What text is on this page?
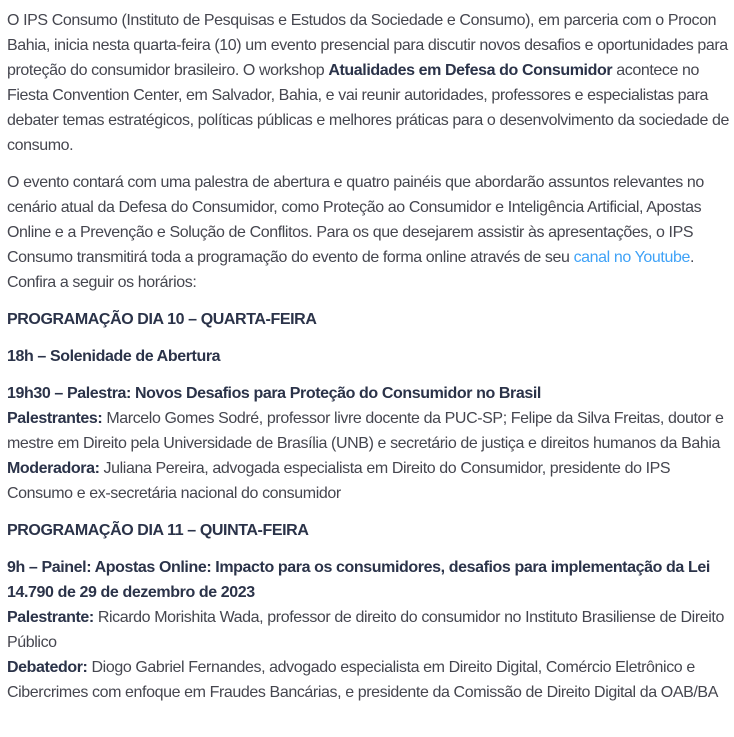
O IPS Consumo (Instituto de Pesquisas e Estudos da Sociedade e Consumo), em parceria com o Procon Bahia, inicia nesta quarta-feira (10) um evento presencial para discutir novos desafios e oportunidades para proteção do consumidor brasileiro. O workshop Atualidades em Defesa do Consumidor acontece no Fiesta Convention Center, em Salvador, Bahia, e vai reunir autoridades, professores e especialistas para debater temas estratégicos, políticas públicas e melhores práticas para o desenvolvimento da sociedade de consumo.

O evento contará com uma palestra de abertura e quatro painéis que abordarão assuntos relevantes no cenário atual da Defesa do Consumidor, como Proteção ao Consumidor e Inteligência Artificial, Apostas Online e a Prevenção e Solução de Conflitos. Para os que desejarem assistir às apresentações, o IPS Consumo transmitirá toda a programação do evento de forma online através de seu canal no Youtube. Confira a seguir os horários:

PROGRAMAÇÃO DIA 10 – QUARTA-FEIRA

18h – Solenidade de Abertura

19h30 – Palestra: Novos Desafios para Proteção do Consumidor no Brasil
Palestrantes: Marcelo Gomes Sodré, professor livre docente da PUC-SP; Felipe da Silva Freitas, doutor e mestre em Direito pela Universidade de Brasília (UNB) e secretário de justiça e direitos humanos da Bahia
Moderadora: Juliana Pereira, advogada especialista em Direito do Consumidor, presidente do IPS Consumo e ex-secretária nacional do consumidor

PROGRAMAÇÃO DIA 11 – QUINTA-FEIRA

9h – Painel: Apostas Online: Impacto para os consumidores, desafios para implementação da Lei 14.790 de 29 de dezembro de 2023
Palestrante: Ricardo Morishita Wada, professor de direito do consumidor no Instituto Brasiliense de Direito Público
Debatedor: Diogo Gabriel Fernandes, advogado especialista em Direito Digital, Comércio Eletrônico e Cibercrimes com enfoque em Fraudes Bancárias, e presidente da Comissão de Direito Digital da OAB/BA
